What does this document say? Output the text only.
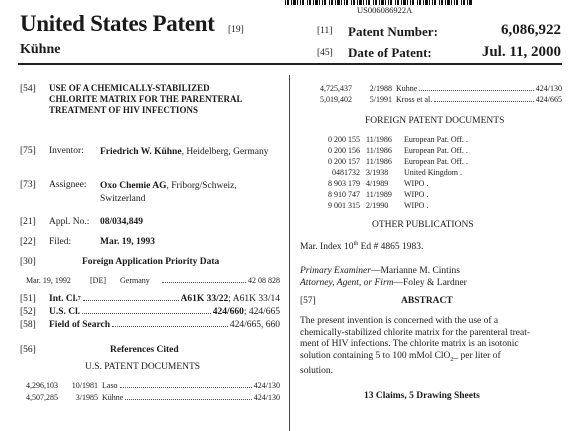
US006086922A
United States Patent [19]
Kühne
[11] Patent Number:	6,086,922
[45] Date of Patent:	Jul. 11, 2000
[54] USE OF A CHEMICALLY-STABILIZED CHLORITE MATRIX FOR THE PARENTERAL TREATMENT OF HIV INFECTIONS
[75] Inventor: Friedrich W. Kühne, Heidelberg, Germany
[73] Assignee: Oxo Chemie AG, Friborg/Schweiz, Switzerland
[21] Appl. No.: 08/034,849
[22] Filed:	Mar. 19, 1993
[30]	Foreign Application Priority Data
Mar. 19, 1992	[DE]	Germany	42 08 828
[51] Int. Cl.$^7$	A61K 33/22; A61K 33/14
[52] U.S. Cl.	424/660; 424/665
[58] Field of Search	424/665, 660
[56]	References Cited
U.S. PATENT DOCUMENTS
4,296,103	10/1981 Laso	424/130
4,507,285	3/1985 Kühne	424/130
4,725,437	2/1988 Kuhne	424/130
5,019,402	5/1991 Kross et al.	424/665
FOREIGN PATENT DOCUMENTS
0 200 155 11/1986	European Pat. Off. .
0 200 156 11/1986	European Pat. Off. .
0 200 157 11/1986	European Pat. Off. .
0481732 3/1938	United Kingdom .
8 903 179 4/1989	WIPO .
8 910 747 11/1989	WIPO .
9 001 315 2/1990	WIPO .
OTHER PUBLICATIONS
Mar. Index 10th Ed # 4865 1983.
Primary Examiner—Marianne M. Cintins
Attorney, Agent, or Firm—Foley & Lardner
[57]	ABSTRACT
The present invention is concerned with the use of a
chemically-stabilized chlorite matrix for the parenteral treat-
ment of HIV infections. The chlorite matrix is an isotonic
solution containing 5 to 100 mMol ClO$_2$_ per liter of
solution.
13 Claims, 5 Drawing Sheets
